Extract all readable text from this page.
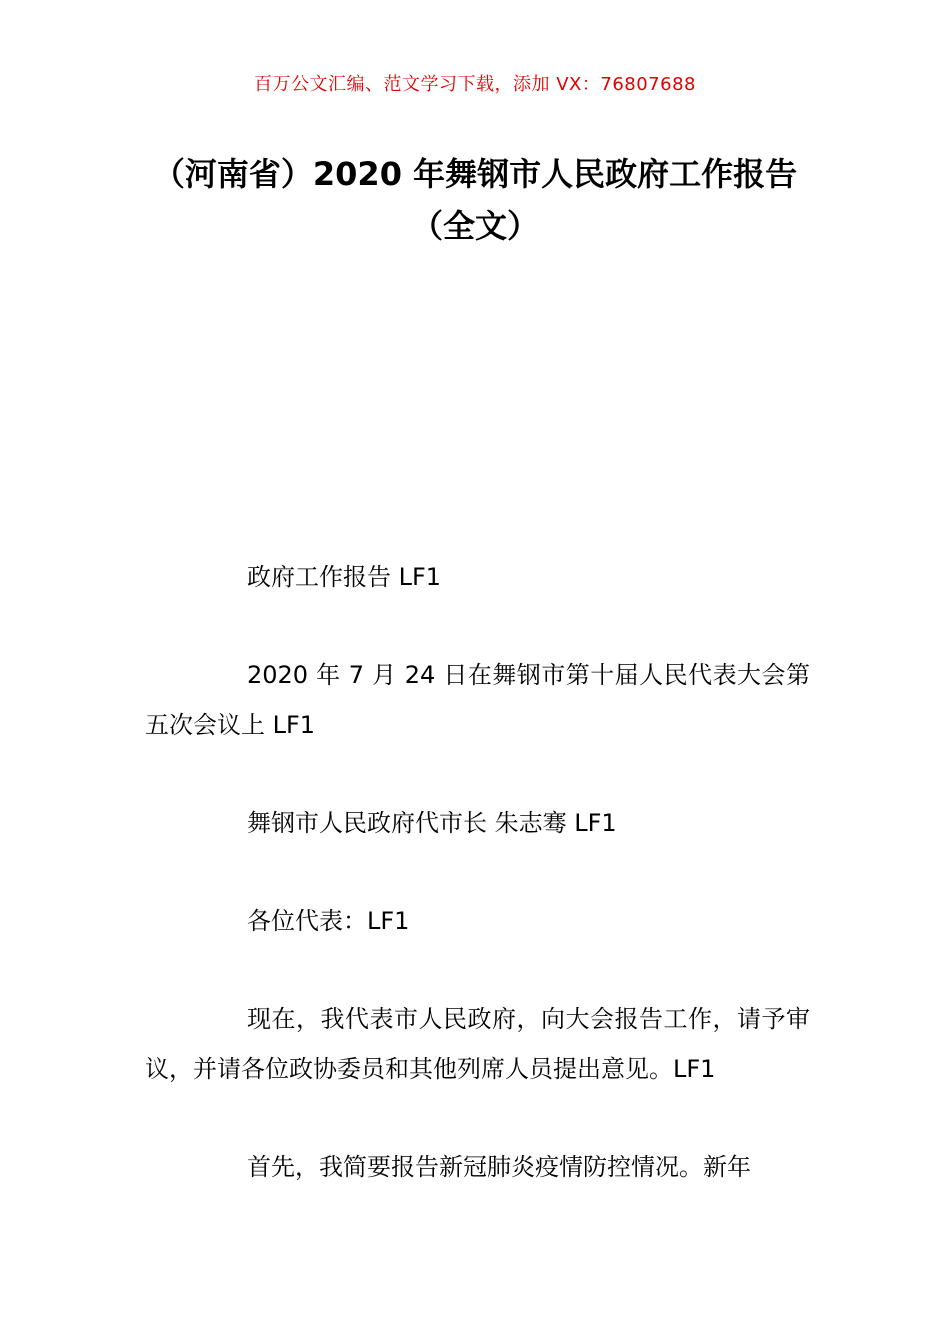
百万公文汇编、范文学习下载，添加 VX：76807688
（河南省）2020 年舞钢市人民政府工作报告（全文）

政府工作报告 LF1

2020 年 7 月 24 日在舞钢市第十届人民代表大会第五次会议上 LF1

舞钢市人民政府代市长 朱志骞 LF1

各位代表：LF1

现在，我代表市人民政府，向大会报告工作，请予审议，并请各位政协委员和其他列席人员提出意见。LF1

首先，我简要报告新冠肺炎疫情防控情况。新年
